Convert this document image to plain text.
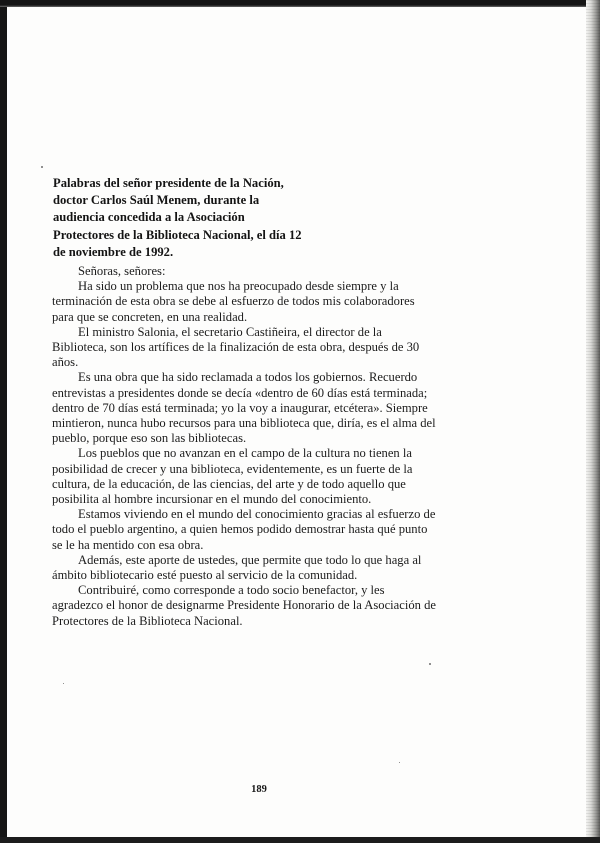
Palabras del señor presidente de la Nación,
doctor Carlos Saúl Menem, durante la
audiencia concedida a la Asociación
Protectores de la Biblioteca Nacional, el día 12
de noviembre de 1992.
Señoras, señores:
Ha sido un problema que nos ha preocupado desde siempre y la
terminación de esta obra se debe al esfuerzo de todos mis colaboradores
para que se concreten, en una realidad.
El ministro Salonia, el secretario Castiñeira, el director de la
Biblioteca, son los artífices de la finalización de esta obra, después de 30
años.
Es una obra que ha sido reclamada a todos los gobiernos. Recuerdo
entrevistas a presidentes donde se decía «dentro de 60 días está terminada;
dentro de 70 días está terminada; yo la voy a inaugurar, etcétera». Siempre
mintieron, nunca hubo recursos para una biblioteca que, diría, es el alma del
pueblo, porque eso son las bibliotecas.
Los pueblos que no avanzan en el campo de la cultura no tienen la
posibilidad de crecer y una biblioteca, evidentemente, es un fuerte de la
cultura, de la educación, de las ciencias, del arte y de todo aquello que
posibilita al hombre incursionar en el mundo del conocimiento.
Estamos viviendo en el mundo del conocimiento gracias al esfuerzo de
todo el pueblo argentino, a quien hemos podido demostrar hasta qué punto
se le ha mentido con esa obra.
Además, este aporte de ustedes, que permite que todo lo que haga al
ámbito bibliotecario esté puesto al servicio de la comunidad.
Contribuiré, como corresponde a todo socio benefactor, y les
agradezco el honor de designarme Presidente Honorario de la Asociación de
Protectores de la Biblioteca Nacional.
189
